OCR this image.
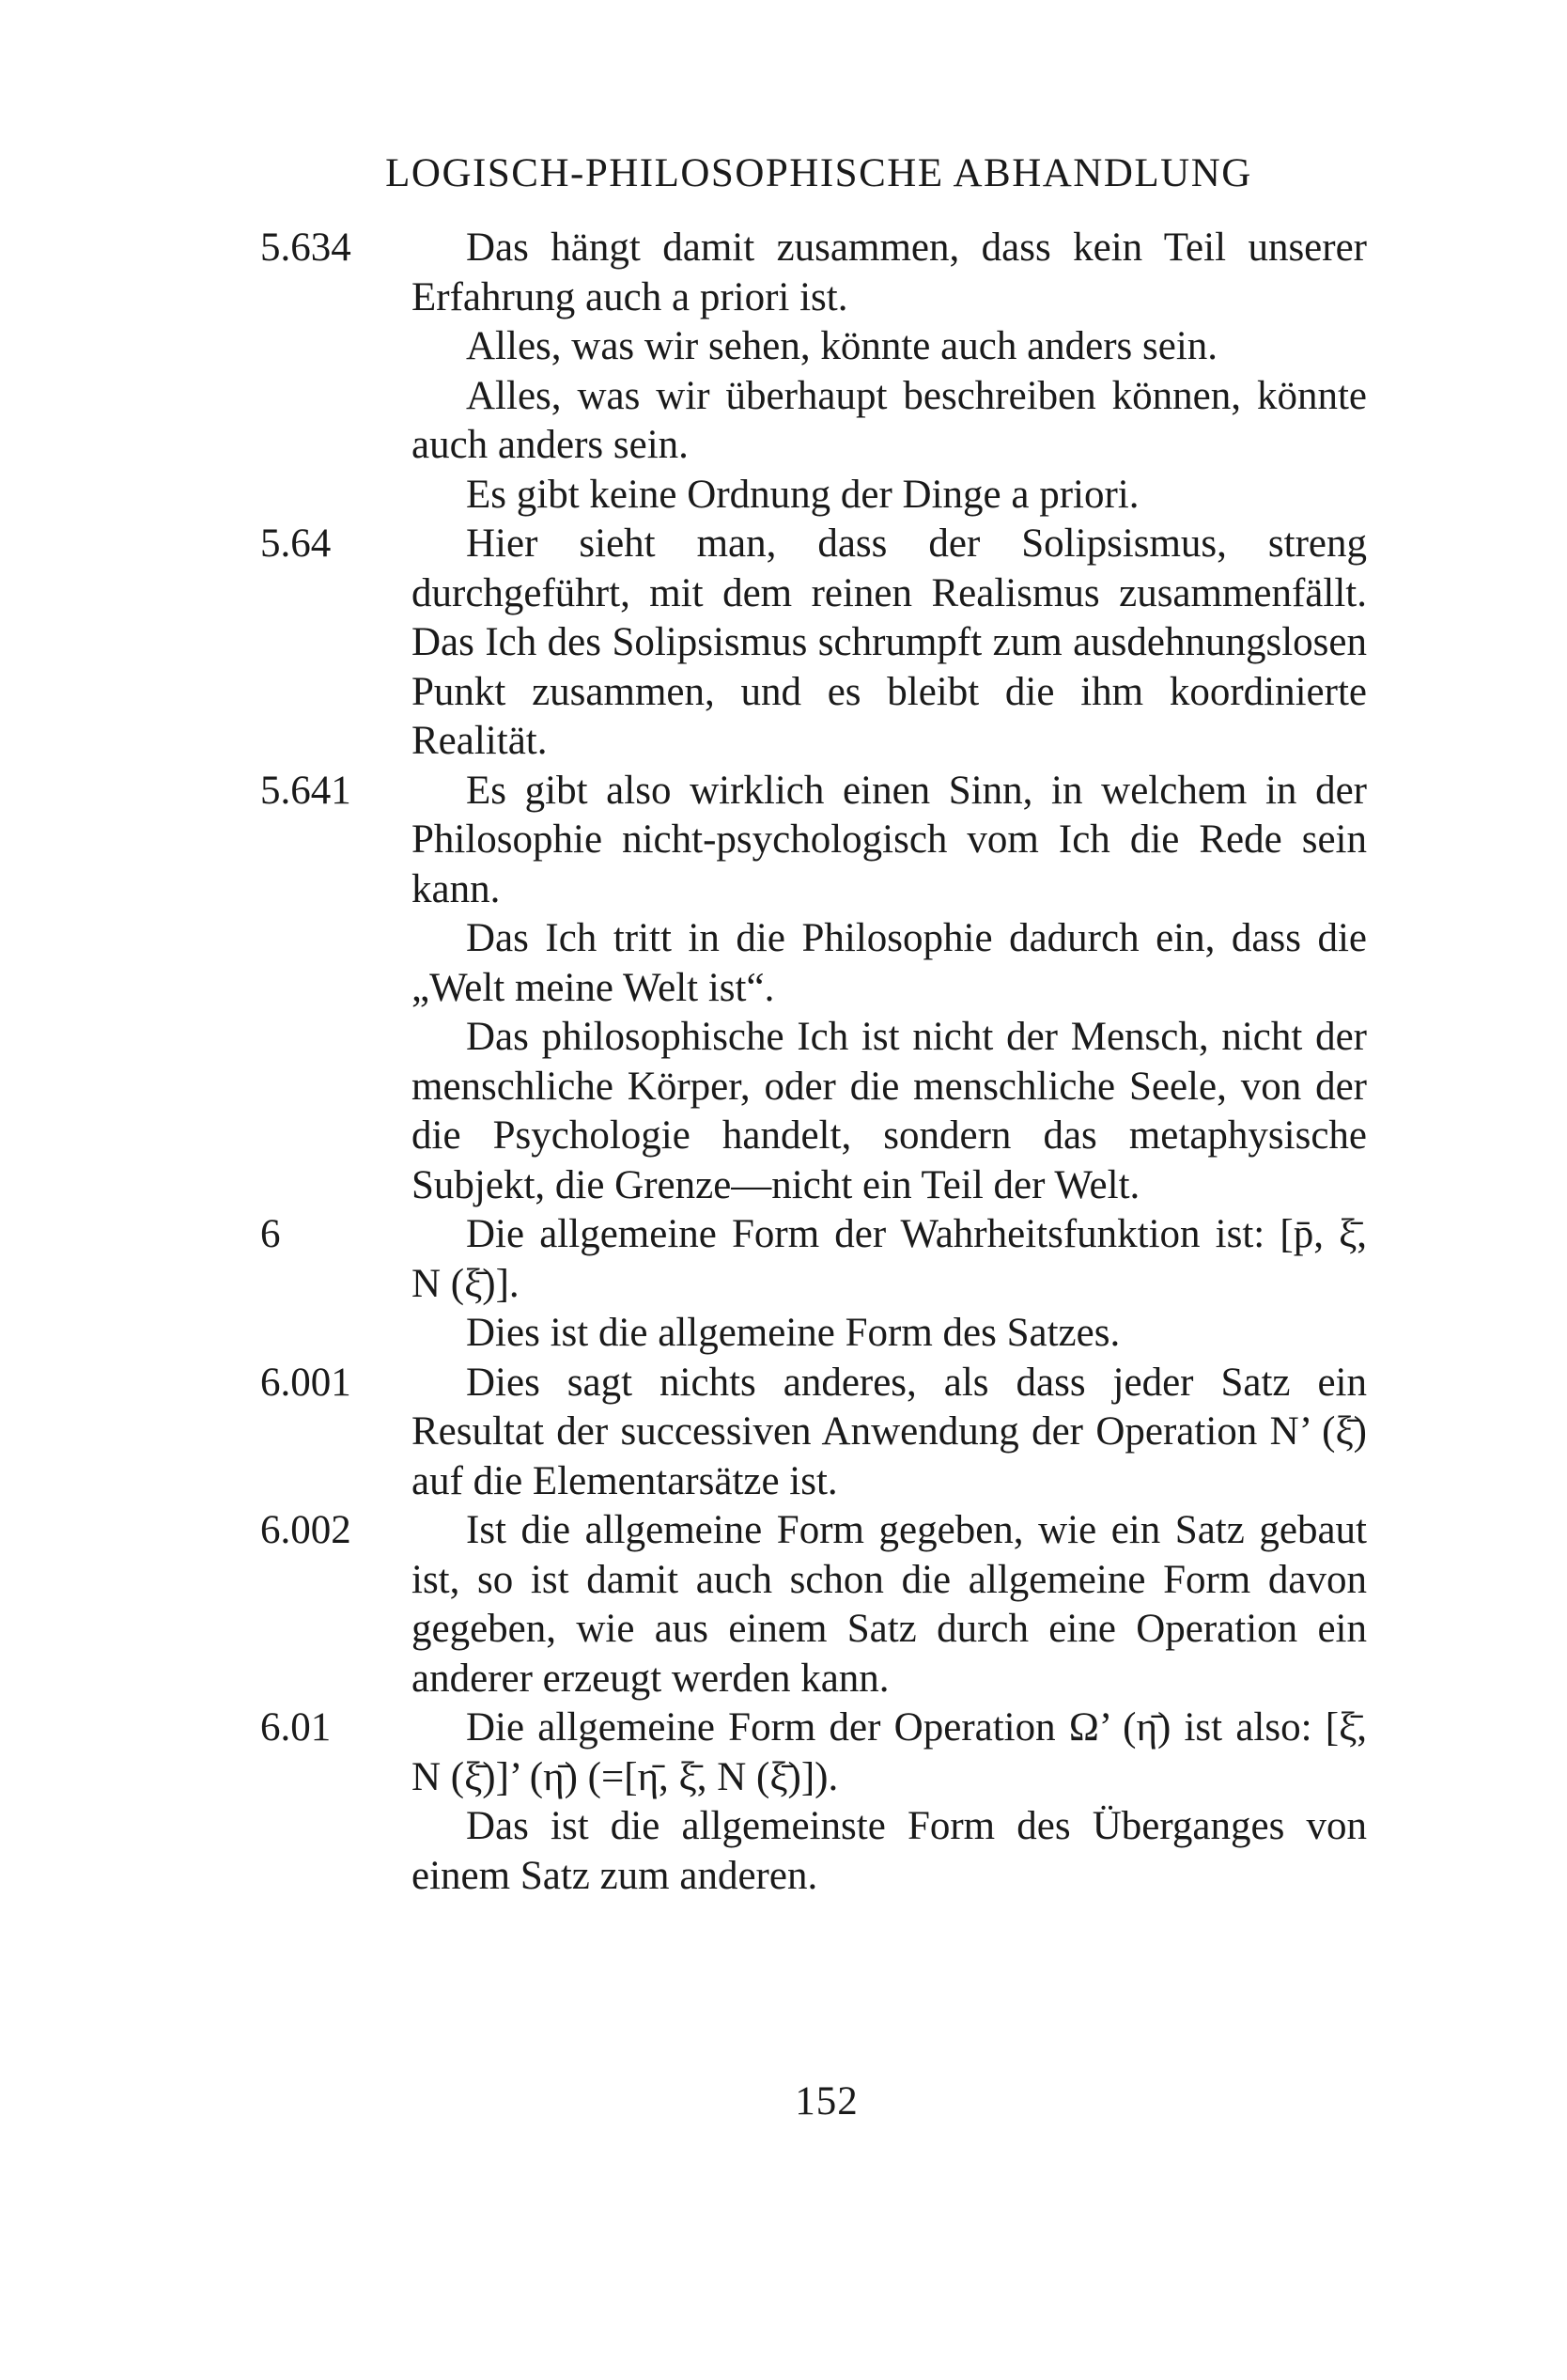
LOGISCH-PHILOSOPHISCHE ABHANDLUNG
5.634	Das hängt damit zusammen, dass kein Teil unserer Erfahrung auch a priori ist.

Alles, was wir sehen, könnte auch anders sein.

Alles, was wir überhaupt beschreiben können, könnte auch anders sein.

Es gibt keine Ordnung der Dinge a priori.

5.64	Hier sieht man, dass der Solipsismus, streng durchgeführt, mit dem reinen Realismus zusammenfällt. Das Ich des Solipsismus schrumpft zum ausdehnungslosen Punkt zusammen, und es bleibt die ihm koordinierte Realität.

5.641	Es gibt also wirklich einen Sinn, in welchem in der Philosophie nicht-psychologisch vom Ich die Rede sein kann.

Das Ich tritt in die Philosophie dadurch ein, dass die „Welt meine Welt ist“.

Das philosophische Ich ist nicht der Mensch, nicht der menschliche Körper, oder die menschliche Seele, von der die Psychologie handelt, sondern das metaphysische Subjekt, die Grenze—nicht ein Teil der Welt.

6	Die allgemeine Form der Wahrheitsfunktion ist: [p̄, ξ̄, N (ξ̄)].

Dies ist die allgemeine Form des Satzes.

6.001	Dies sagt nichts anderes, als dass jeder Satz ein Resultat der successiven Anwendung der Operation N’ (ξ̄) auf die Elementarsätze ist.

6.002	Ist die allgemeine Form gegeben, wie ein Satz gebaut ist, so ist damit auch schon die allgemeine Form davon gegeben, wie aus einem Satz durch eine Operation ein anderer erzeugt werden kann.

6.01	Die allgemeine Form der Operation Ω’ (η̄) ist also: [ξ̄, N (ξ̄)]’ (η̄) (=[η̄, ξ̄, N (ξ̄)]).

Das ist die allgemeinste Form des Überganges von einem Satz zum anderen.

152
